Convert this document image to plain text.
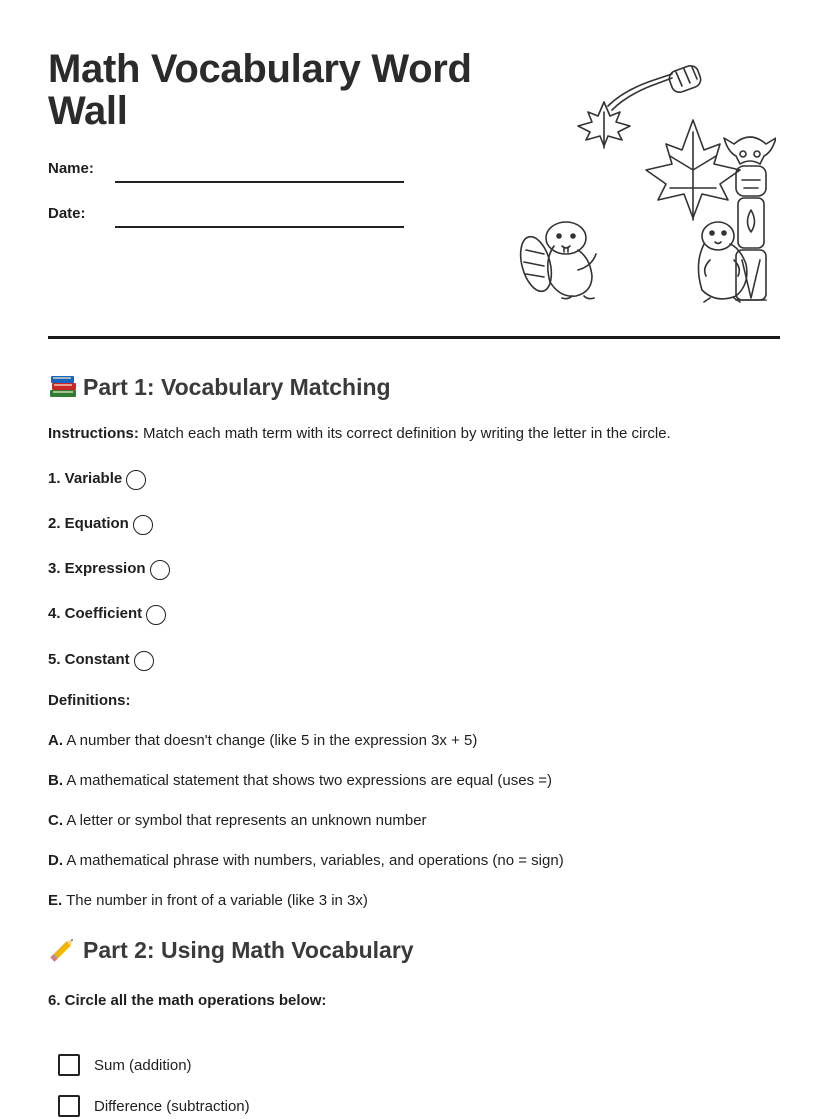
Math Vocabulary Word Wall
Name:
Date:
Part 1: Vocabulary Matching
Instructions: Match each math term with its correct definition by writing the letter in the circle.
1. Variable
2. Equation
3. Expression
4. Coefficient
5. Constant
Definitions:
A. A number that doesn't change (like 5 in the expression 3x + 5)
B. A mathematical statement that shows two expressions are equal (uses =)
C. A letter or symbol that represents an unknown number
D. A mathematical phrase with numbers, variables, and operations (no = sign)
E. The number in front of a variable (like 3 in 3x)
Part 2: Using Math Vocabulary
6. Circle all the math operations below:
Sum (addition)
Difference (subtraction)
